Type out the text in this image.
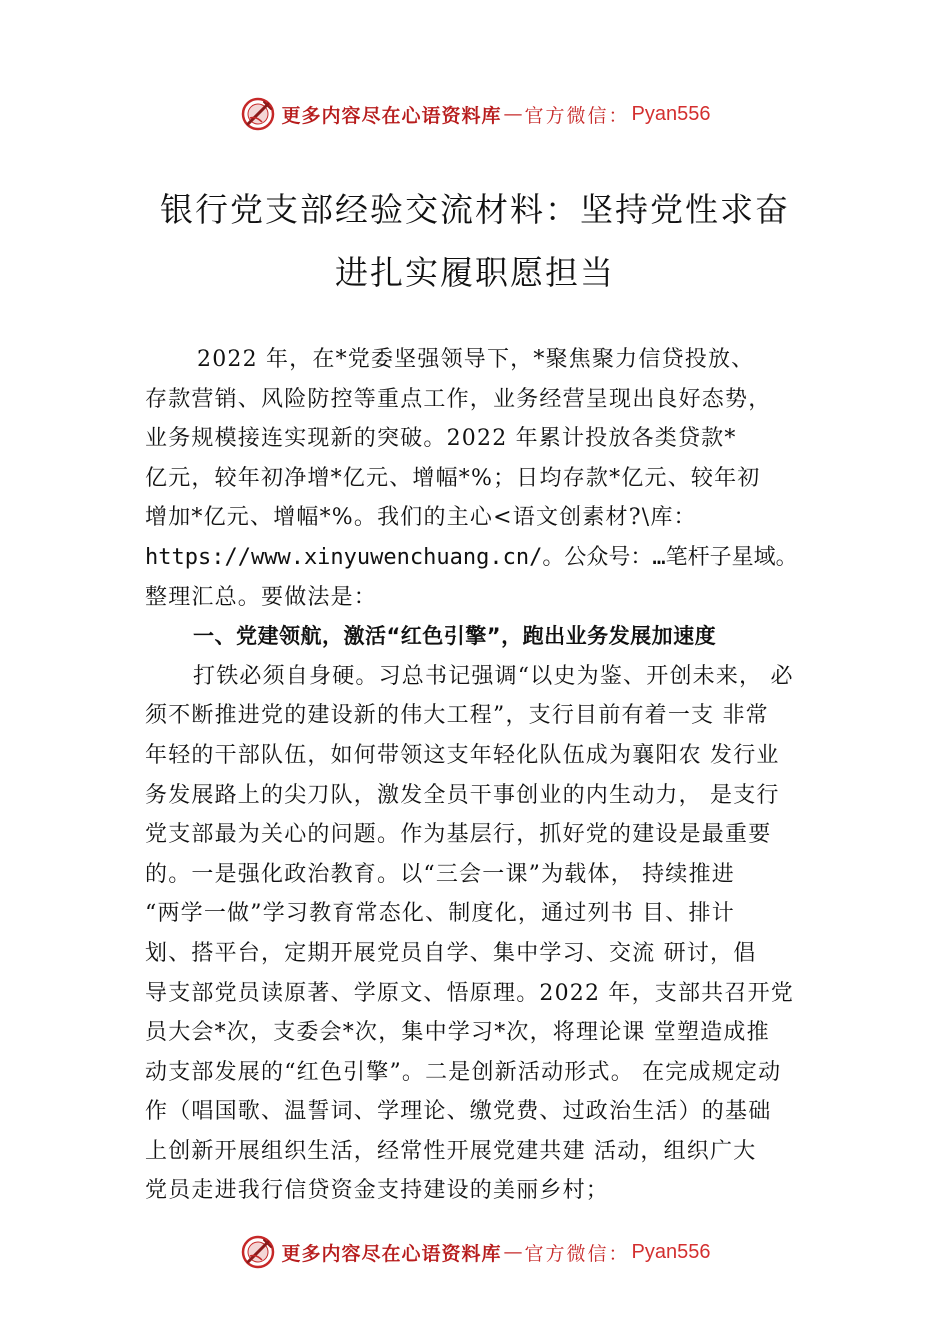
更多内容尽在心语资料库 — 官方微信： Pyan556
银行党支部经验交流材料：坚持党性求奋
进扎实履职愿担当
2022 年，在*党委坚强领导下，*聚焦聚力信贷投放、
存款营销、风险防控等重点工作，业务经营呈现出良好态势，
业务规模接连实现新的突破。2022 年累计投放各类贷款*
亿元，较年初净增*亿元、增幅*%；日均存款*亿元、较年初
增加*亿元、增幅*%。我们的主心<语文创素材?\库：
https://www.xinyuwenchuang.cn/。公众号：…笔杆子星域。
整理汇总。要做法是：
一、党建领航，激活“红色引擎”，跑出业务发展加速度
打铁必须自身硬。习总书记强调“以史为鉴、开创未来， 必
须不断推进党的建设新的伟大工程”，支行目前有着一支 非常
年轻的干部队伍，如何带领这支年轻化队伍成为襄阳农 发行业
务发展路上的尖刀队，激发全员干事创业的内生动力， 是支行
党支部最为关心的问题。作为基层行，抓好党的建设是最重要
的。一是强化政治教育。以“三会一课”为载体， 持续推进
“两学一做”学习教育常态化、制度化，通过列书 目、排计
划、搭平台，定期开展党员自学、集中学习、交流 研讨，倡
导支部党员读原著、学原文、悟原理。2022 年，支部共召开党
员大会*次，支委会*次，集中学习*次，将理论课 堂塑造成推
动支部发展的“红色引擎”。二是创新活动形式。 在完成规定动
作（唱国歌、温誓词、学理论、缴党费、过政治生活）的基础
上创新开展组织生活，经常性开展党建共建 活动，组织广大
党员走进我行信贷资金支持建设的美丽乡村；
更多内容尽在心语资料库 — 官方微信： Pyan556
